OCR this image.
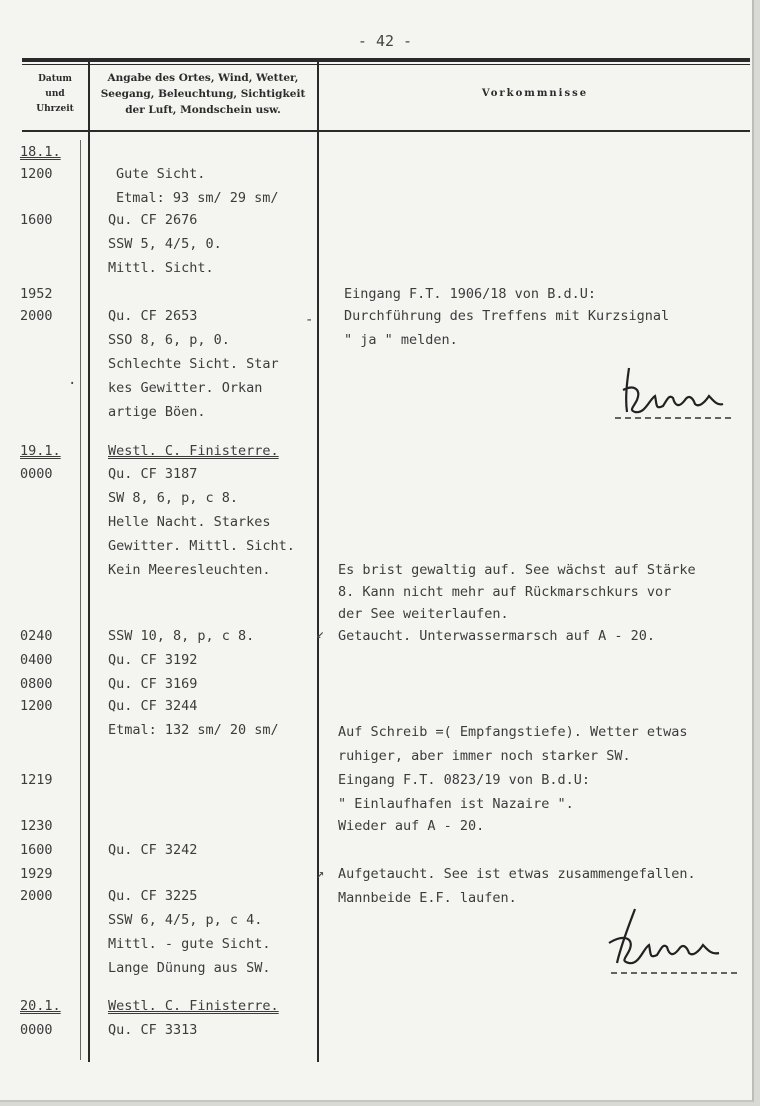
- 42 -
Datum
und
Uhrzeit
Angabe des Ortes, Wind, Wetter,
Seegang, Beleuchtung, Sichtigkeit
der Luft, Mondschein usw.
Vorkommnisse
18.1.
1200
1600
1952
2000
19.1.
0000
0240
0400
0800
1200
1219
1230
1600
1929
2000
20.1.
0000
Gute Sicht.
Etmal: 93 sm/ 29 sm/
Qu. CF 2676
SSW 5, 4/5, 0.
Mittl. Sicht.
Qu. CF 2653
SSO 8, 6, p, 0.
Schlechte Sicht. Star
kes Gewitter. Orkan
artige Böen.
Westl. C. Finisterre.
Qu. CF 3187
SW 8, 6, p, c 8.
Helle Nacht. Starkes
Gewitter. Mittl. Sicht.
Kein Meeresleuchten.
SSW 10, 8, p, c 8.
Qu. CF 3192
Qu. CF 3169
Qu. CF 3244
Etmal: 132 sm/ 20 sm/
Qu. CF 3242
Qu. CF 3225
SSW 6, 4/5, p, c 4.
Mittl. - gute Sicht.
Lange Dünung aus SW.
Westl. C. Finisterre.
Qu. CF 3313
Eingang F.T. 1906/18 von B.d.U:
Durchführung des Treffens mit Kurzsignal
" ja " melden.
Es brist gewaltig auf. See wächst auf Stärke
8. Kann nicht mehr auf Rückmarschkurs vor
der See weiterlaufen.
Getaucht. Unterwassermarsch auf A - 20.
Auf Schreib =( Empfangstiefe). Wetter etwas
ruhiger, aber immer noch starker SW.
Eingang F.T. 0823/19 von B.d.U:
" Einlaufhafen ist Nazaire ".
Wieder auf A - 20.
Aufgetaucht. See ist etwas zusammengefallen.
Mannbeide E.F. laufen.
-
↙
↗
·
